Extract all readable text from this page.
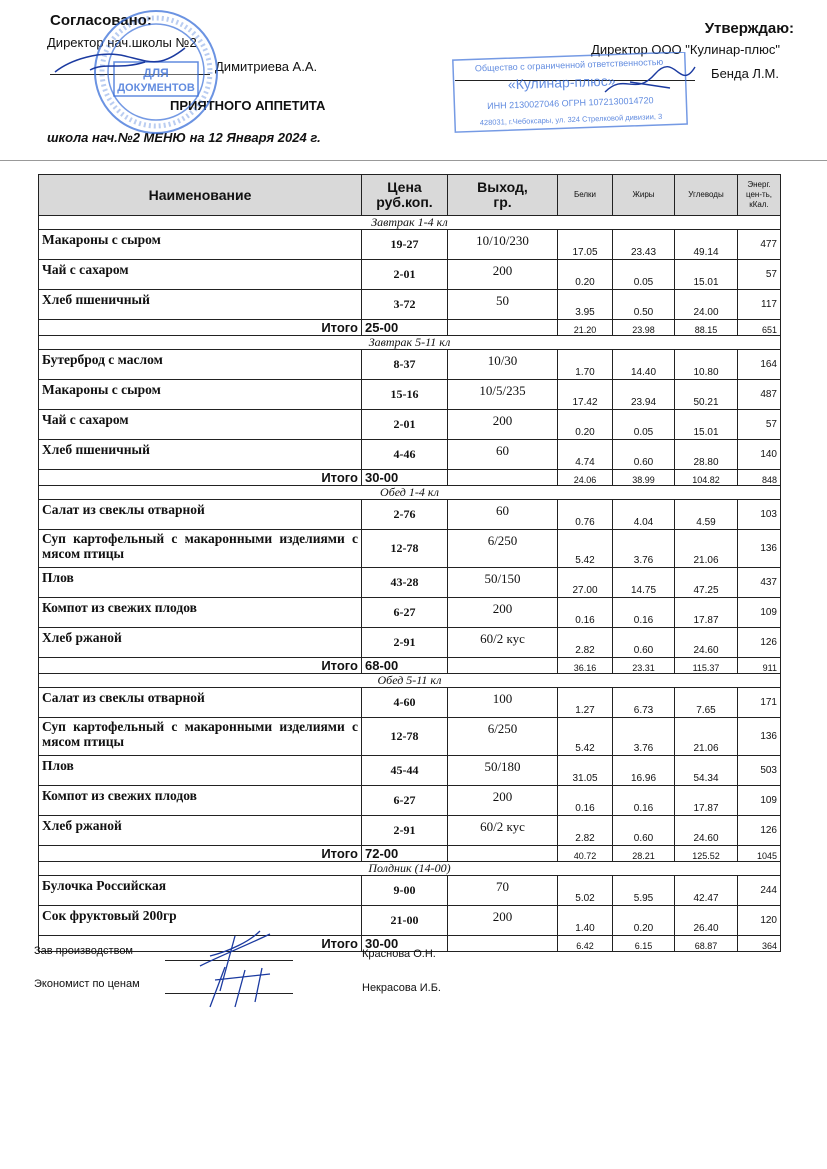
Согласовано:
Директор нач.школы №2
Димитриева А.А.
Утверждаю:
Директор ООО "Кулинар-плюс"
Бенда Л.М.
ПРИЯТНОГО АППЕТИТА
школа нач.№2 МЕНЮ на 12 Января 2024 г.
ДЛЯ
ДОКУМЕНТОВ
Общество с ограниченной ответственностью
«Кулинар-плюс»
ИНН 2130027046 ОГРН 1072130014720
428031, г.Чебоксары, ул. 324 Стрелковой дивизии, 3
Наименование	Цена руб.коп.	Выход, гр.	Белки	Жиры	Углеводы	Энерг. цен-ть, кКал.

Завтрак 1-4 кл						
Макароны с сыром	19-27	10/10/230	17.05	23.43	49.14	477
Чай с сахаром	2-01	200	0.20	0.05	15.01	57
Хлеб пшеничный	3-72	50	3.95	0.50	24.00	117
Итого	25-00		21.20	23.98	88.15	651
Завтрак 5-11 кл						
Бутерброд с маслом	8-37	10/30	1.70	14.40	10.80	164
Макароны с сыром	15-16	10/5/235	17.42	23.94	50.21	487
Чай с сахаром	2-01	200	0.20	0.05	15.01	57
Хлеб пшеничный	4-46	60	4.74	0.60	28.80	140
Итого	30-00		24.06	38.99	104.82	848
Обед 1-4 кл						
Салат из свеклы отварной	2-76	60	0.76	4.04	4.59	103
Суп картофельный с макаронными изделиями с мясом птицы	12-78	6/250	5.42	3.76	21.06	136
Плов	43-28	50/150	27.00	14.75	47.25	437
Компот из свежих плодов	6-27	200	0.16	0.16	17.87	109
Хлеб ржаной	2-91	60/2 кус	2.82	0.60	24.60	126
Итого	68-00		36.16	23.31	115.37	911
Обед 5-11 кл						
Салат из свеклы отварной	4-60	100	1.27	6.73	7.65	171
Суп картофельный с макаронными изделиями с мясом птицы	12-78	6/250	5.42	3.76	21.06	136
Плов	45-44	50/180	31.05	16.96	54.34	503
Компот из свежих плодов	6-27	200	0.16	0.16	17.87	109
Хлеб ржаной	2-91	60/2 кус	2.82	0.60	24.60	126
Итого	72-00		40.72	28.21	125.52	1045
Полдник (14-00)						
Булочка Российская	9-00	70	5.02	5.95	42.47	244
Сок фруктовый 200гр	21-00	200	1.40	0.20	26.40	120
Итого	30-00		6.42	6.15	68.87	364
Зав производством	Краснова О.Н.
Экономист по ценам	Некрасова И.Б.
